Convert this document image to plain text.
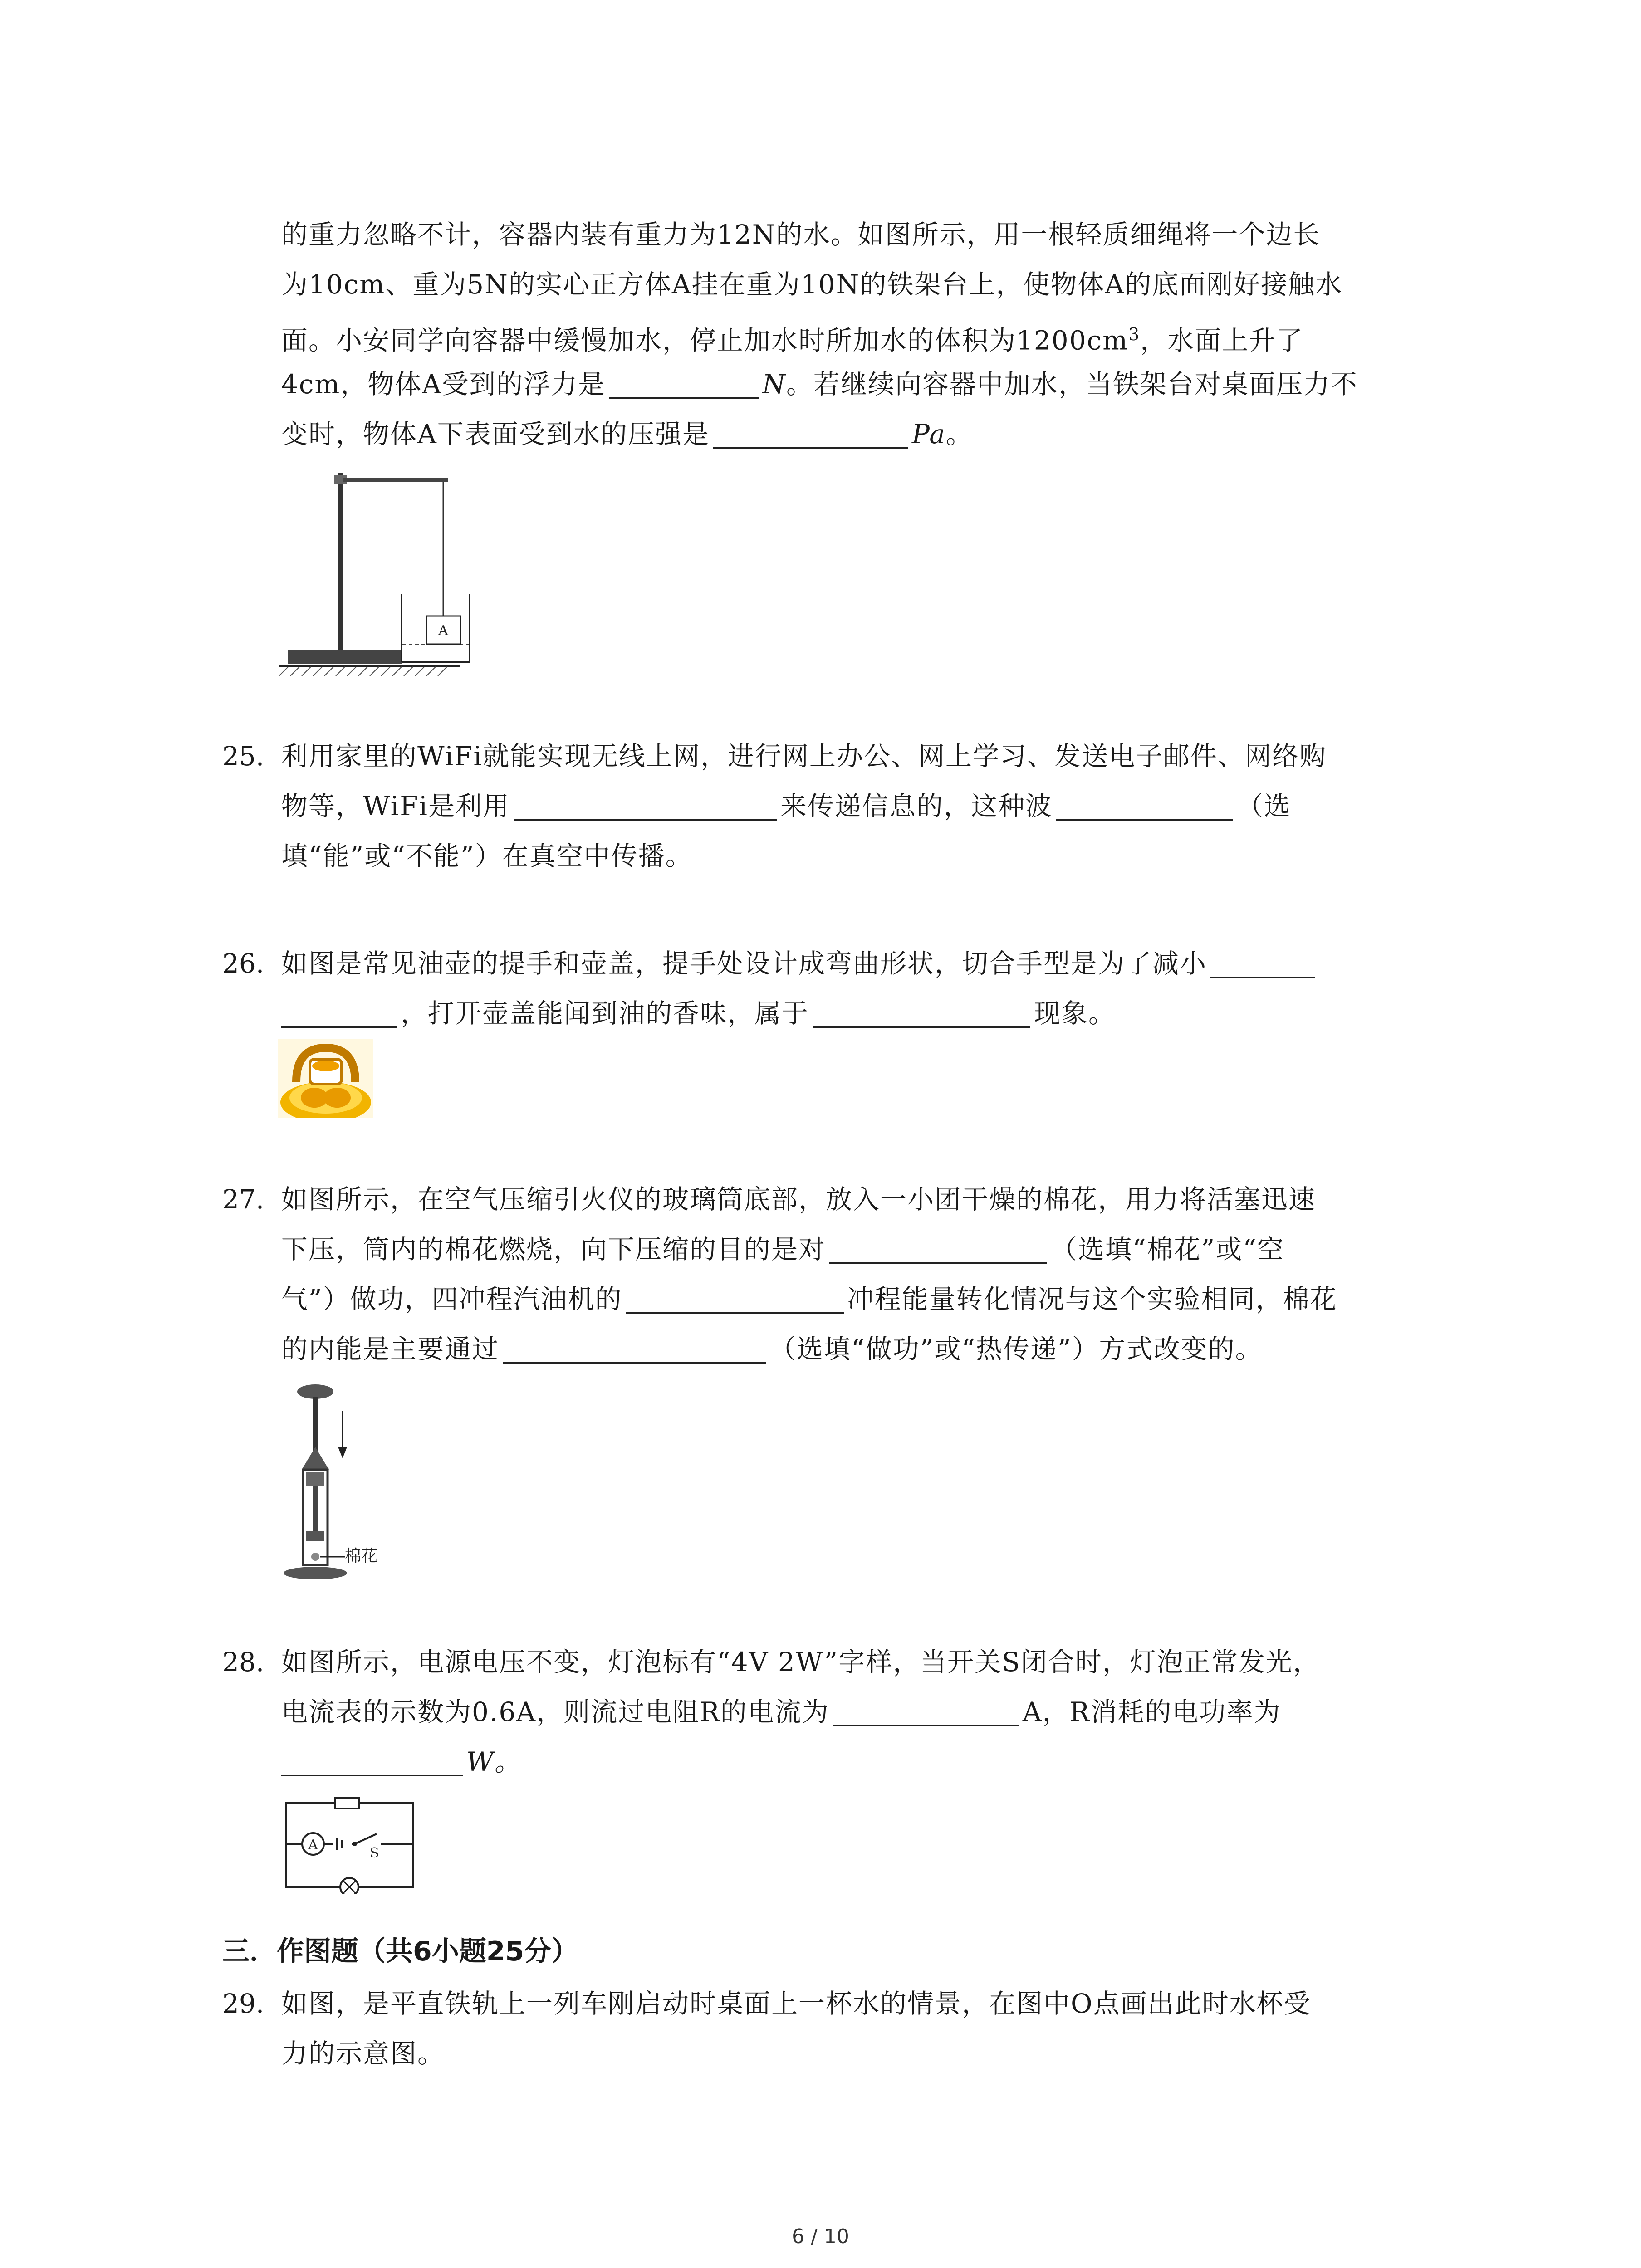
的重力忽略不计，容器内装有重力为12N的水。如图所示，用一根轻质细绳将一个边长
为10cm、重为5N的实心正方体A挂在重为10N的铁架台上，使物体A的底面刚好接触水
面。小安同学向容器中缓慢加水，停止加水时所加水的体积为$1200cm^3$，水面上升了
4cm，物体A受到的浮力是	N。若继续向容器中加水，当铁架台对桌面压力不
变时，物体A下表面受到水的压强是	Pa。
A
25. 利用家里的WiFi就能实现无线上网，进行网上办公、网上学习、发送电子邮件、网络购
物等，WiFi是利用	来传递信息的，这种波	（选
填“能”或“不能”）在真空中传播。
26. 如图是常见油壶的提手和壶盖，提手处设计成弯曲形状，切合手型是为了减小
，打开壶盖能闻到油的香味，属于	现象。
27. 如图所示，在空气压缩引火仪的玻璃筒底部，放入一小团干燥的棉花，用力将活塞迅速
下压，筒内的棉花燃烧，向下压缩的目的是对	（选填“棉花”或“空
气”）做功，四冲程汽油机的	冲程能量转化情况与这个实验相同，棉花
的内能是主要通过	（选填“做功”或“热传递”）方式改变的。
棉花
28. 如图所示，电源电压不变，灯泡标有“4V 2W”字样，当开关S闭合时，灯泡正常发光，
电流表的示数为0.6A，则流过电阻R的电流为	A，R消耗的电功率为
W。
A
S
三．作图题（共6小题25分）
29. 如图，是平直铁轨上一列车刚启动时桌面上一杯水的情景，在图中O点画出此时水杯受
力的示意图。
6 / 10
